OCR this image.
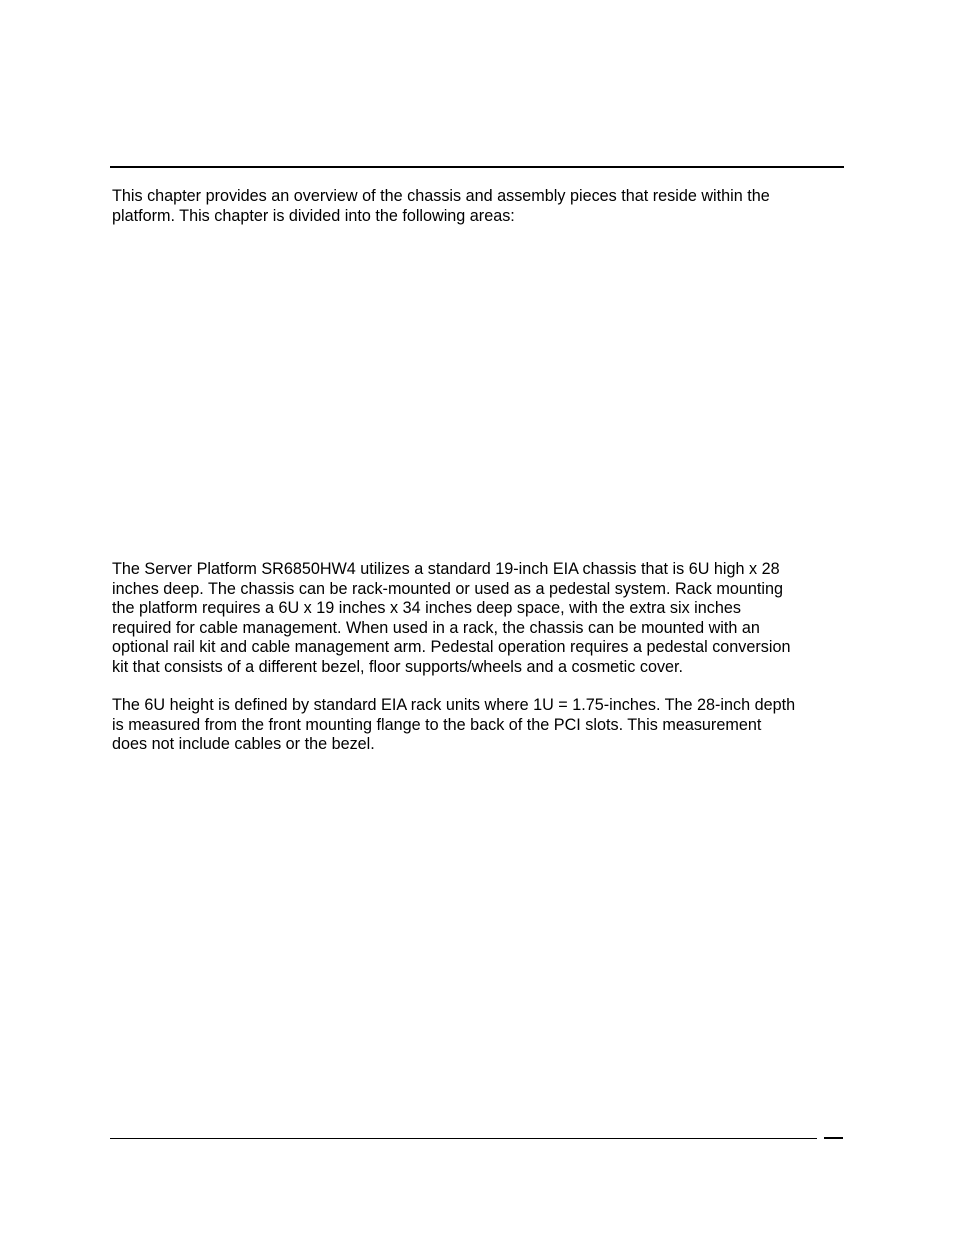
This chapter provides an overview of the chassis and assembly pieces that reside within the
platform. This chapter is divided into the following areas:

The Server Platform SR6850HW4 utilizes a standard 19-inch EIA chassis that is 6U high x 28
inches deep. The chassis can be rack-mounted or used as a pedestal system. Rack mounting
the platform requires a 6U x 19 inches x 34 inches deep space, with the extra six inches
required for cable management. When used in a rack, the chassis can be mounted with an
optional rail kit and cable management arm. Pedestal operation requires a pedestal conversion
kit that consists of a different bezel, floor supports/wheels and a cosmetic cover.

The 6U height is defined by standard EIA rack units where 1U = 1.75-inches. The 28-inch depth
is measured from the front mounting flange to the back of the PCI slots. This measurement
does not include cables or the bezel.
